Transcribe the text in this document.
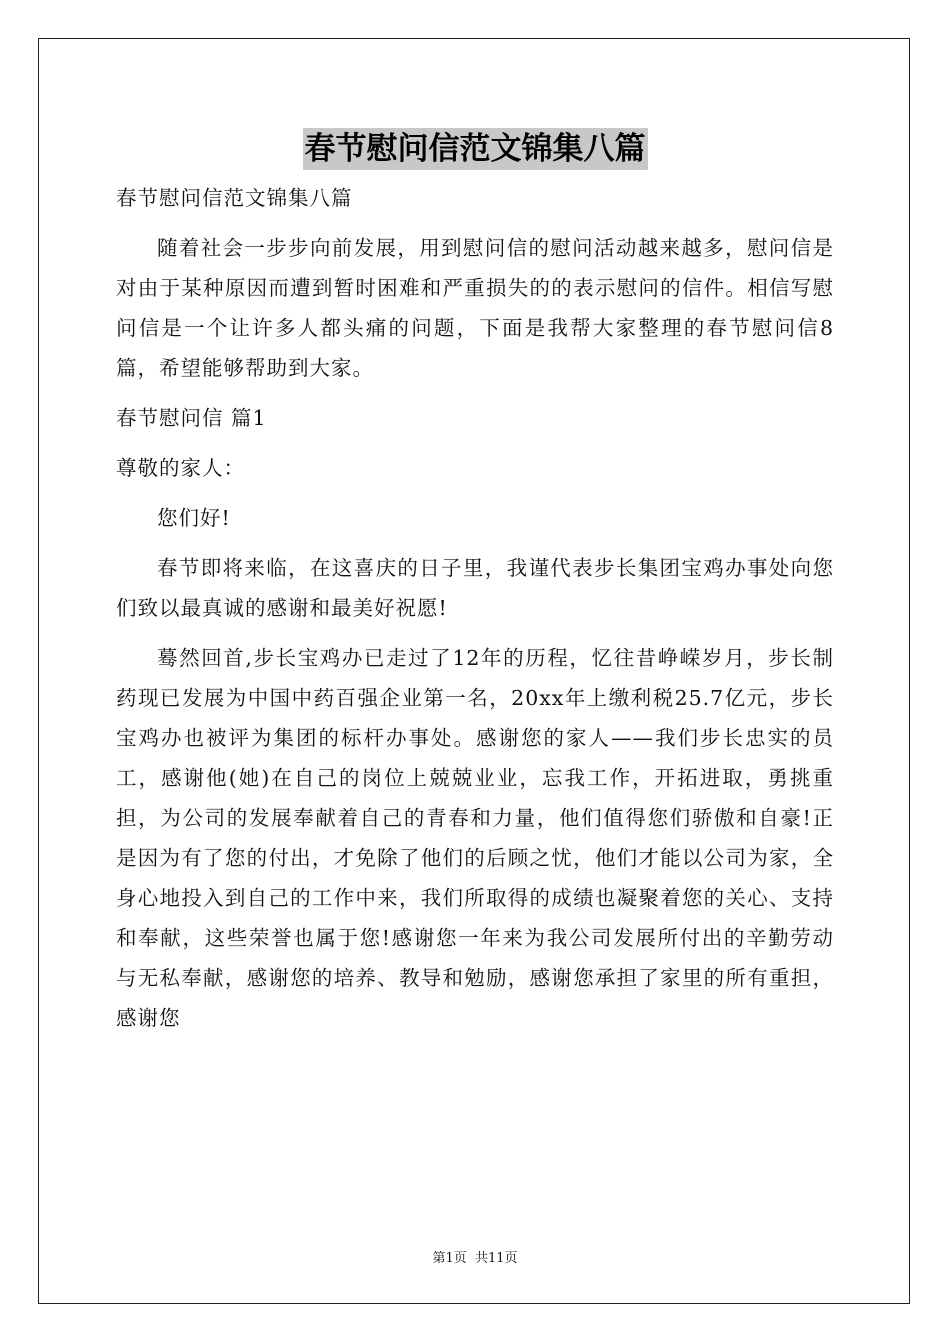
春节慰问信范文锦集八篇
春节慰问信范文锦集八篇

随着社会一步步向前发展，用到慰问信的慰问活动越来越多，慰问信是对由于某种原因而遭到暂时困难和严重损失的的表示慰问的信件。相信写慰问信是一个让许多人都头痛的问题，下面是我帮大家整理的春节慰问信8篇，希望能够帮助到大家。

春节慰问信 篇1
尊敬的家人：

您们好!

春节即将来临，在这喜庆的日子里，我谨代表步长集团宝鸡办事处向您们致以最真诚的感谢和最美好祝愿!

蓦然回首,步长宝鸡办已走过了12年的历程，忆往昔峥嵘岁月，步长制药现已发展为中国中药百强企业第一名，20xx年上缴利税25.7亿元，步长宝鸡办也被评为集团的标杆办事处。感谢您的家人——我们步长忠实的员工，感谢他(她)在自己的岗位上兢兢业业，忘我工作，开拓进取，勇挑重担，为公司的发展奉献着自己的青春和力量，他们值得您们骄傲和自豪!正是因为有了您的付出，才免除了他们的后顾之忧，他们才能以公司为家，全身心地投入到自己的工作中来，我们所取得的成绩也凝聚着您的关心、支持和奉献，这些荣誉也属于您!感谢您一年来为我公司发展所付出的辛勤劳动与无私奉献，感谢您的培养、教导和勉励，感谢您承担了家里的所有重担，感谢您

第1页 共11页
